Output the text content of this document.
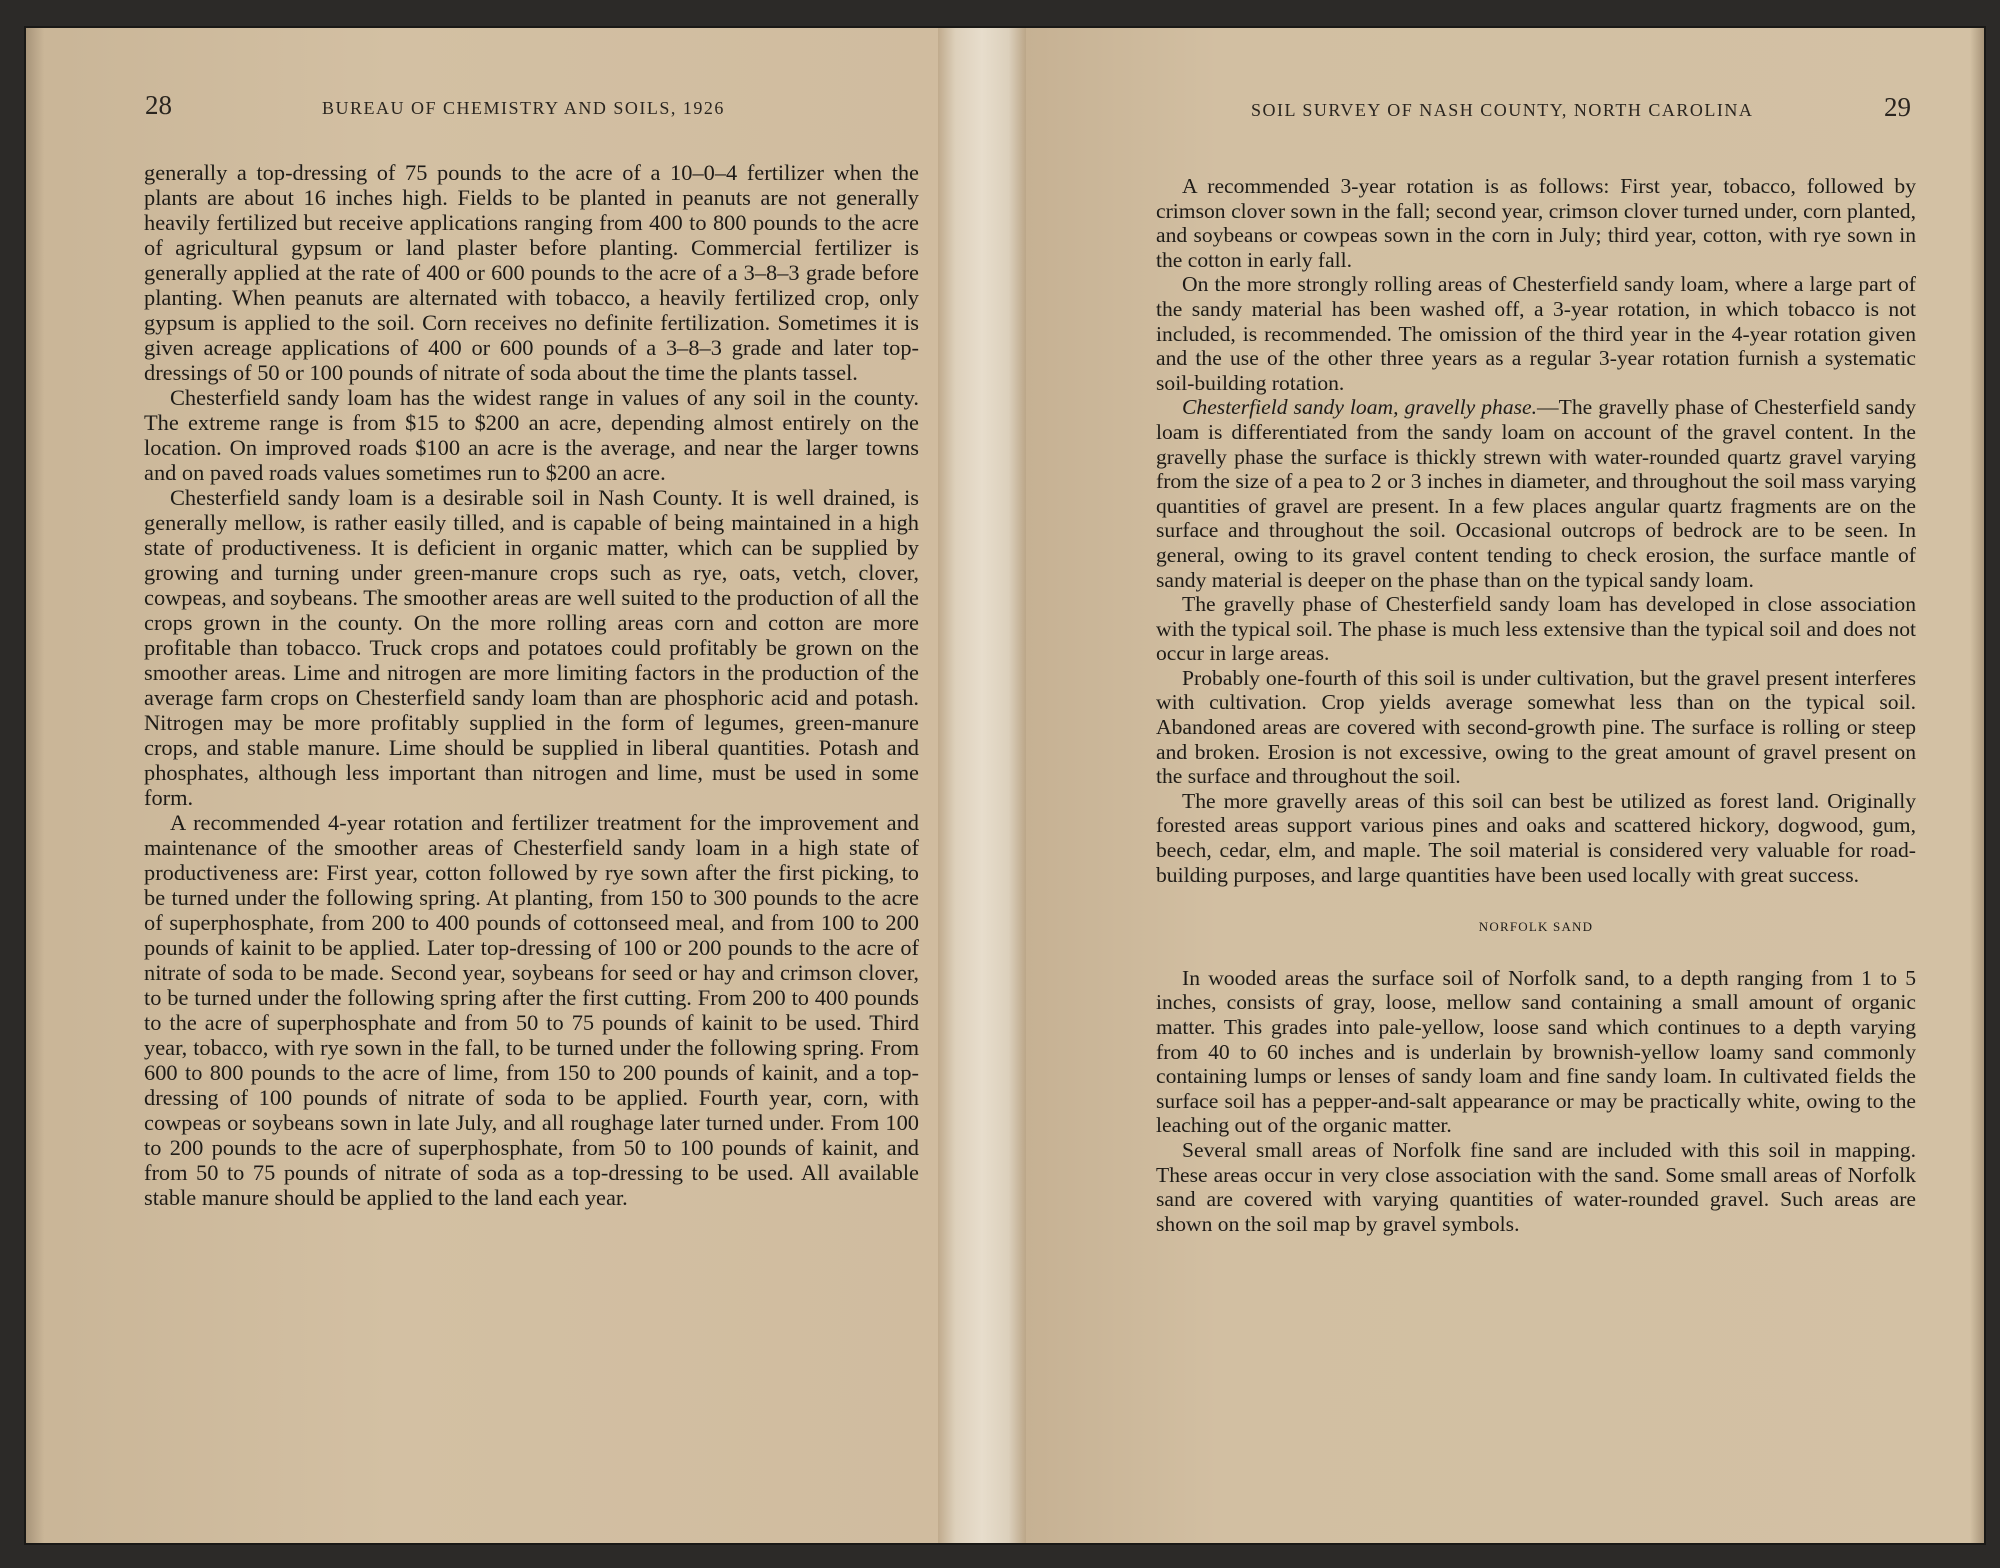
28	BUREAU OF CHEMISTRY AND SOILS, 1926

generally a top-dressing of 75 pounds to the acre of a 10–0–4 fertilizer when the plants are about 16 inches high. Fields to be planted in peanuts are not generally heavily fertilized but receive applications ranging from 400 to 800 pounds to the acre of agricultural gypsum or land plaster before planting. Commercial fertilizer is generally applied at the rate of 400 or 600 pounds to the acre of a 3–8–3 grade before planting. When peanuts are alternated with tobacco, a heavily fertilized crop, only gypsum is applied to the soil. Corn receives no definite fertilization. Sometimes it is given acreage applications of 400 or 600 pounds of a 3–8–3 grade and later top-dressings of 50 or 100 pounds of nitrate of soda about the time the plants tassel.

Chesterfield sandy loam has the widest range in values of any soil in the county. The extreme range is from $15 to $200 an acre, depending almost entirely on the location. On improved roads $100 an acre is the average, and near the larger towns and on paved roads values sometimes run to $200 an acre.

Chesterfield sandy loam is a desirable soil in Nash County. It is well drained, is generally mellow, is rather easily tilled, and is capable of being maintained in a high state of productiveness. It is deficient in organic matter, which can be supplied by growing and turning under green-manure crops such as rye, oats, vetch, clover, cowpeas, and soybeans. The smoother areas are well suited to the production of all the crops grown in the county. On the more rolling areas corn and cotton are more profitable than tobacco. Truck crops and potatoes could profitably be grown on the smoother areas. Lime and nitrogen are more limiting factors in the production of the average farm crops on Chesterfield sandy loam than are phosphoric acid and potash. Nitrogen may be more profitably supplied in the form of legumes, green-manure crops, and stable manure. Lime should be supplied in liberal quantities. Potash and phosphates, although less important than nitrogen and lime, must be used in some form.

A recommended 4-year rotation and fertilizer treatment for the improvement and maintenance of the smoother areas of Chesterfield sandy loam in a high state of productiveness are: First year, cotton followed by rye sown after the first picking, to be turned under the following spring. At planting, from 150 to 300 pounds to the acre of superphosphate, from 200 to 400 pounds of cottonseed meal, and from 100 to 200 pounds of kainit to be applied. Later top-dressing of 100 or 200 pounds to the acre of nitrate of soda to be made. Second year, soybeans for seed or hay and crimson clover, to be turned under the following spring after the first cutting. From 200 to 400 pounds to the acre of superphosphate and from 50 to 75 pounds of kainit to be used. Third year, tobacco, with rye sown in the fall, to be turned under the following spring. From 600 to 800 pounds to the acre of lime, from 150 to 200 pounds of kainit, and a top-dressing of 100 pounds of nitrate of soda to be applied. Fourth year, corn, with cowpeas or soybeans sown in late July, and all roughage later turned under. From 100 to 200 pounds to the acre of superphosphate, from 50 to 100 pounds of kainit, and from 50 to 75 pounds of nitrate of soda as a top-dressing to be used. All available stable manure should be applied to the land each year.

SOIL SURVEY OF NASH COUNTY, NORTH CAROLINA	29

A recommended 3-year rotation is as follows: First year, tobacco, followed by crimson clover sown in the fall; second year, crimson clover turned under, corn planted, and soybeans or cowpeas sown in the corn in July; third year, cotton, with rye sown in the cotton in early fall.

On the more strongly rolling areas of Chesterfield sandy loam, where a large part of the sandy material has been washed off, a 3-year rotation, in which tobacco is not included, is recommended. The omission of the third year in the 4-year rotation given and the use of the other three years as a regular 3-year rotation furnish a systematic soil-building rotation.

Chesterfield sandy loam, gravelly phase.—The gravelly phase of Chesterfield sandy loam is differentiated from the sandy loam on account of the gravel content. In the gravelly phase the surface is thickly strewn with water-rounded quartz gravel varying from the size of a pea to 2 or 3 inches in diameter, and throughout the soil mass varying quantities of gravel are present. In a few places angular quartz fragments are on the surface and throughout the soil. Occasional outcrops of bedrock are to be seen. In general, owing to its gravel content tending to check erosion, the surface mantle of sandy material is deeper on the phase than on the typical sandy loam.

The gravelly phase of Chesterfield sandy loam has developed in close association with the typical soil. The phase is much less extensive than the typical soil and does not occur in large areas.

Probably one-fourth of this soil is under cultivation, but the gravel present interferes with cultivation. Crop yields average somewhat less than on the typical soil. Abandoned areas are covered with second-growth pine. The surface is rolling or steep and broken. Erosion is not excessive, owing to the great amount of gravel present on the surface and throughout the soil.

The more gravelly areas of this soil can best be utilized as forest land. Originally forested areas support various pines and oaks and scattered hickory, dogwood, gum, beech, cedar, elm, and maple. The soil material is considered very valuable for road-building purposes, and large quantities have been used locally with great success.

NORFOLK SAND

In wooded areas the surface soil of Norfolk sand, to a depth ranging from 1 to 5 inches, consists of gray, loose, mellow sand containing a small amount of organic matter. This grades into pale-yellow, loose sand which continues to a depth varying from 40 to 60 inches and is underlain by brownish-yellow loamy sand commonly containing lumps or lenses of sandy loam and fine sandy loam. In cultivated fields the surface soil has a pepper-and-salt appearance or may be practically white, owing to the leaching out of the organic matter.

Several small areas of Norfolk fine sand are included with this soil in mapping. These areas occur in very close association with the sand. Some small areas of Norfolk sand are covered with varying quantities of water-rounded gravel. Such areas are shown on the soil map by gravel symbols.
